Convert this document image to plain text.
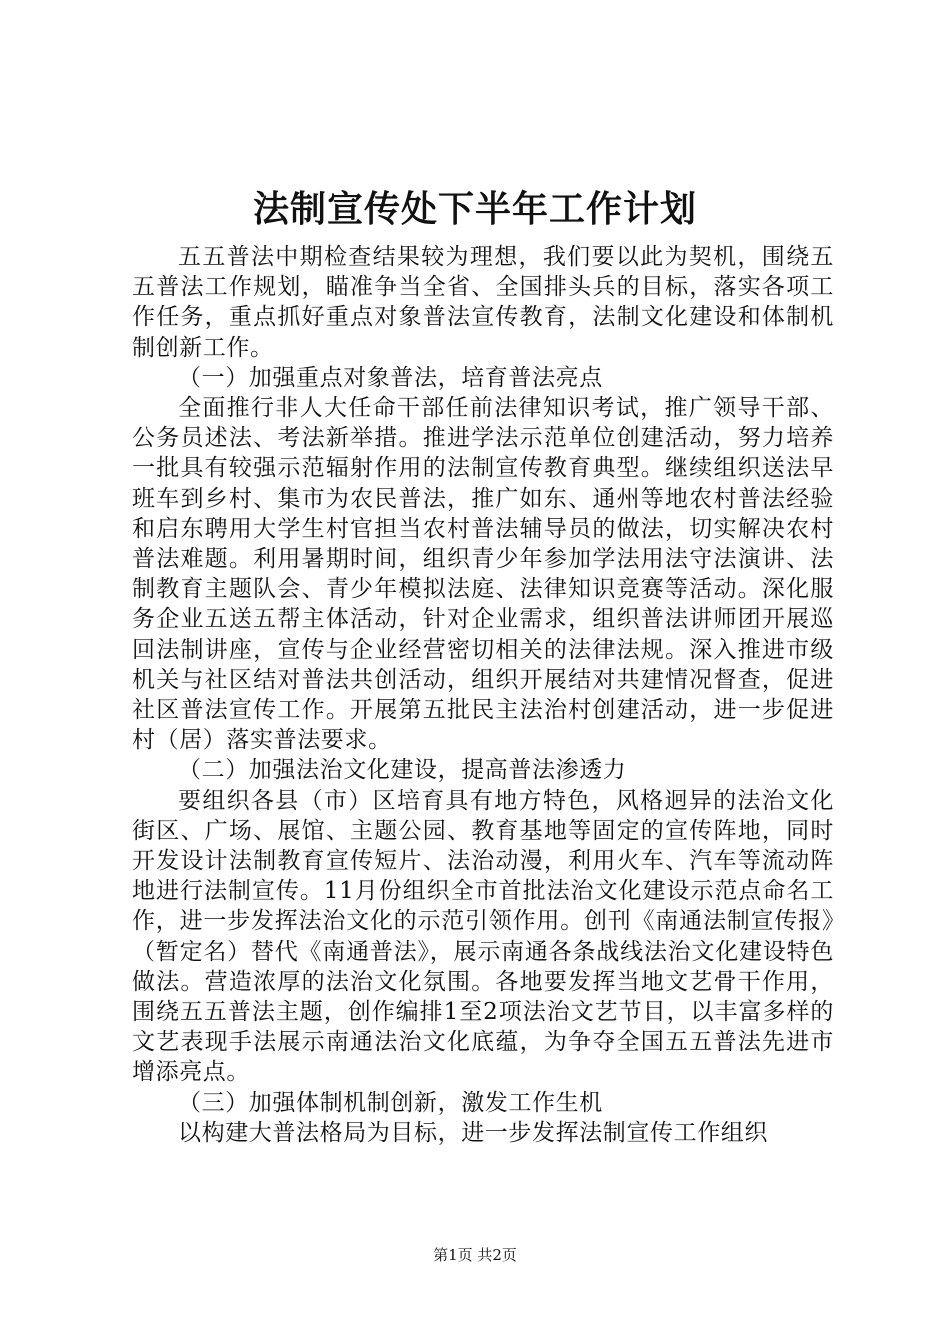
法制宣传处下半年工作计划

五五普法中期检查结果较为理想，我们要以此为契机，围绕五五普法工作规划，瞄准争当全省、全国排头兵的目标，落实各项工作任务，重点抓好重点对象普法宣传教育，法制文化建设和体制机制创新工作。

（一）加强重点对象普法，培育普法亮点

全面推行非人大任命干部任前法律知识考试，推广领导干部、公务员述法、考法新举措。推进学法示范单位创建活动，努力培养一批具有较强示范辐射作用的法制宣传教育典型。继续组织送法早班车到乡村、集市为农民普法，推广如东、通州等地农村普法经验和启东聘用大学生村官担当农村普法辅导员的做法，切实解决农村普法难题。利用暑期时间，组织青少年参加学法用法守法演讲、法制教育主题队会、青少年模拟法庭、法律知识竞赛等活动。深化服务企业五送五帮主体活动，针对企业需求，组织普法讲师团开展巡回法制讲座，宣传与企业经营密切相关的法律法规。深入推进市级机关与社区结对普法共创活动，组织开展结对共建情况督查，促进社区普法宣传工作。开展第五批民主法治村创建活动，进一步促进村（居）落实普法要求。

（二）加强法治文化建设，提高普法渗透力

要组织各县（市）区培育具有地方特色，风格迥异的法治文化街区、广场、展馆、主题公园、教育基地等固定的宣传阵地，同时开发设计法制教育宣传短片、法治动漫，利用火车、汽车等流动阵地进行法制宣传。11月份组织全市首批法治文化建设示范点命名工作，进一步发挥法治文化的示范引领作用。创刊《南通法制宣传报》（暂定名）替代《南通普法》，展示南通各条战线法治文化建设特色做法。营造浓厚的法治文化氛围。各地要发挥当地文艺骨干作用，围绕五五普法主题，创作编排1至2项法治文艺节目，以丰富多样的文艺表现手法展示南通法治文化底蕴，为争夺全国五五普法先进市增添亮点。

（三）加强体制机制创新，激发工作生机

以构建大普法格局为目标，进一步发挥法制宣传工作组织

第1页 共2页
